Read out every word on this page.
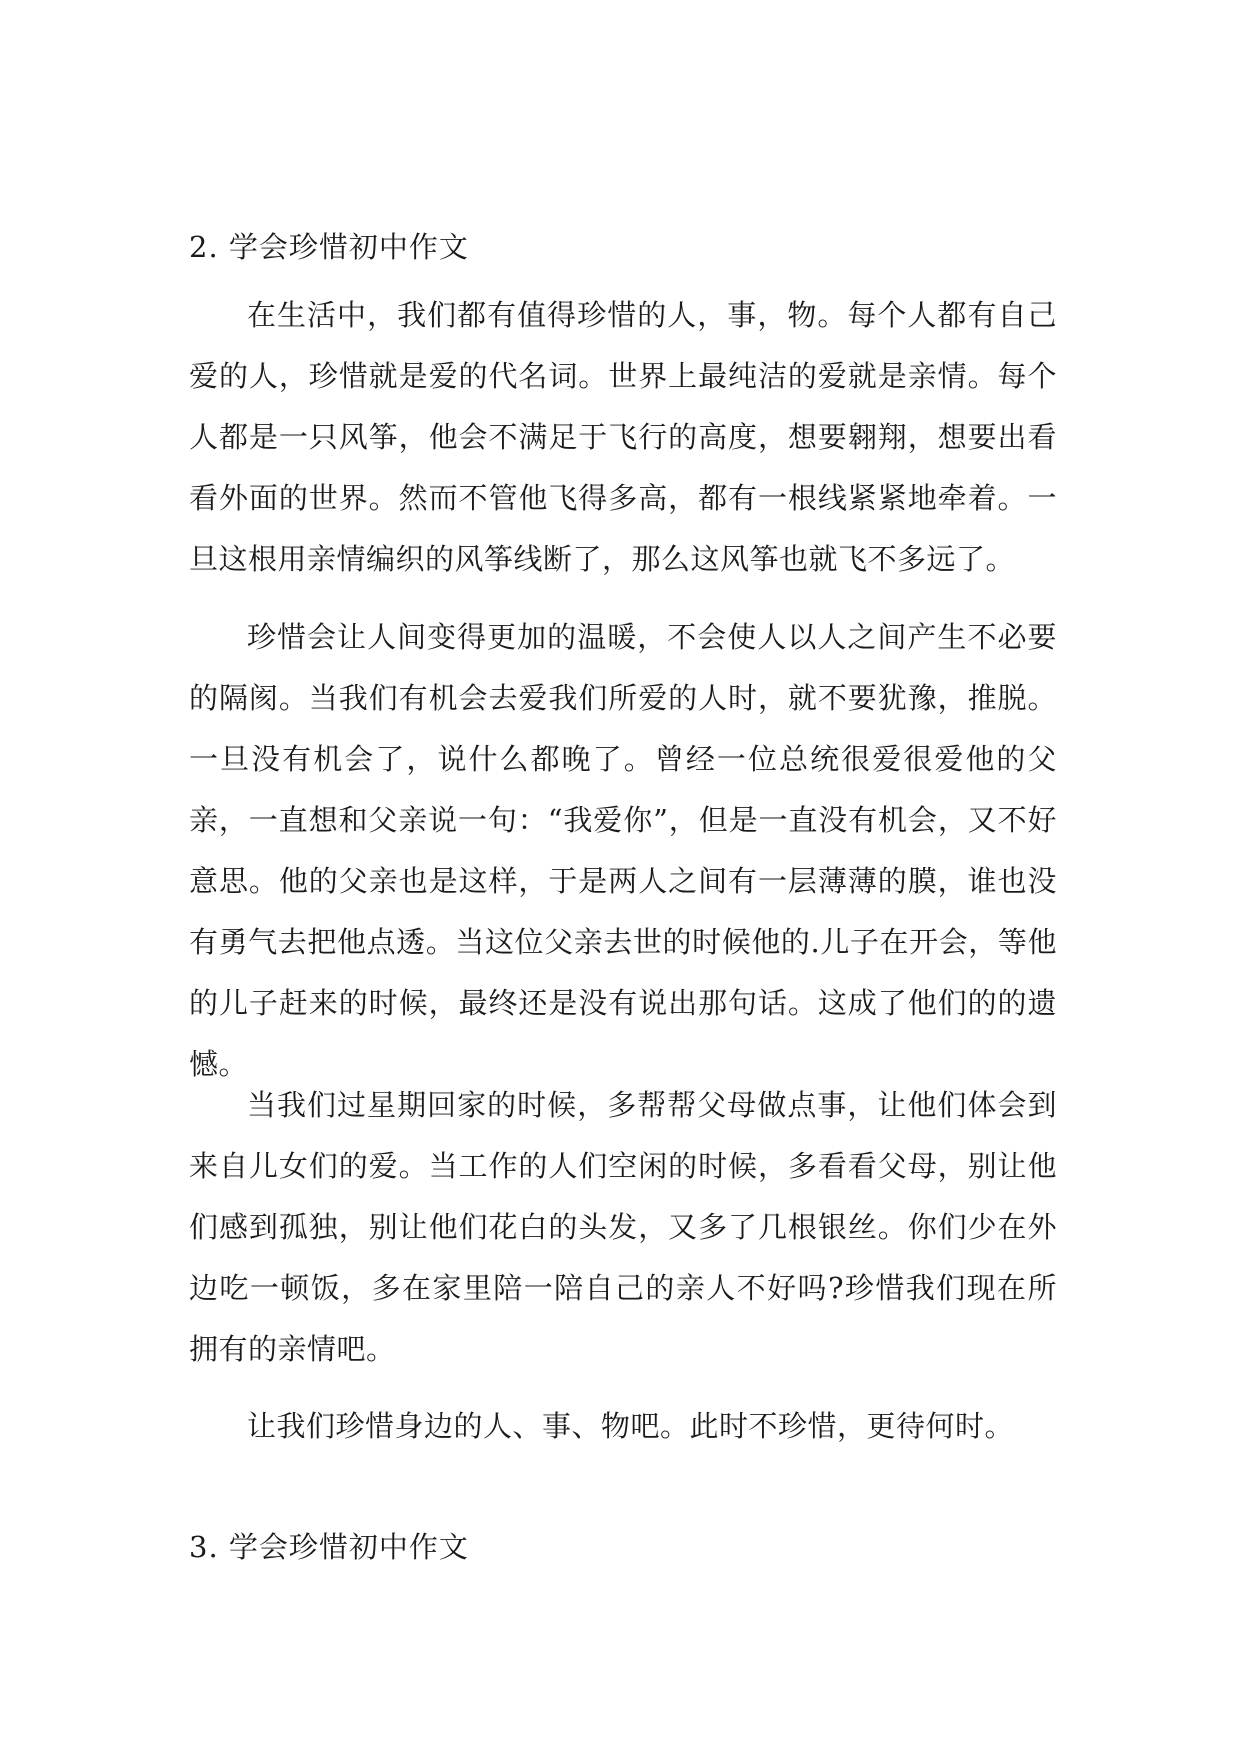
2. 学会珍惜初中作文

在生活中，我们都有值得珍惜的人，事，物。每个人都有自己爱的人，珍惜就是爱的代名词。世界上最纯洁的爱就是亲情。每个人都是一只风筝，他会不满足于飞行的高度，想要翱翔，想要出看看外面的世界。然而不管他飞得多高，都有一根线紧紧地牵着。一旦这根用亲情编织的风筝线断了，那么这风筝也就飞不多远了。

珍惜会让人间变得更加的温暖，不会使人以人之间产生不必要的隔阂。当我们有机会去爱我们所爱的人时，就不要犹豫，推脱。一旦没有机会了，说什么都晚了。曾经一位总统很爱很爱他的父亲，一直想和父亲说一句：“我爱你”，但是一直没有机会，又不好意思。他的父亲也是这样，于是两人之间有一层薄薄的膜，谁也没有勇气去把他点透。当这位父亲去世的时候他的.儿子在开会，等他的儿子赶来的时候，最终还是没有说出那句话。这成了他们的的遗憾。

当我们过星期回家的时候，多帮帮父母做点事，让他们体会到来自儿女们的爱。当工作的人们空闲的时候，多看看父母，别让他们感到孤独，别让他们花白的头发，又多了几根银丝。你们少在外边吃一顿饭，多在家里陪一陪自己的亲人不好吗?珍惜我们现在所拥有的亲情吧。

让我们珍惜身边的人、事、物吧。此时不珍惜，更待何时。

3. 学会珍惜初中作文
